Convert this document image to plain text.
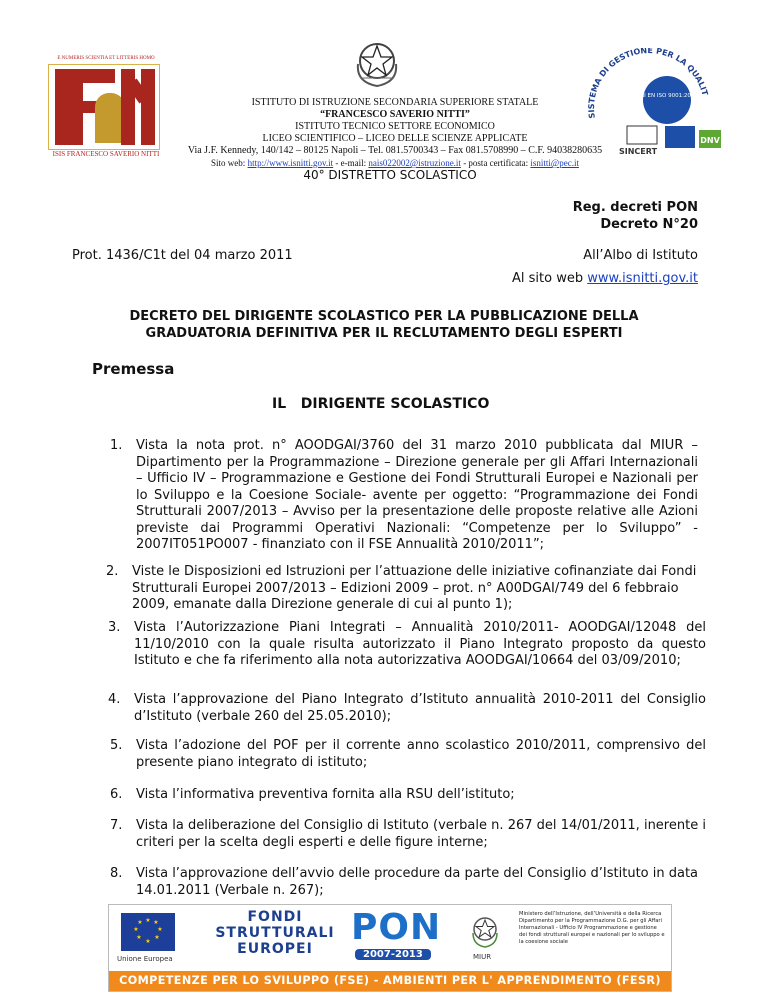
E NUMERIS SCIENTIA ET LITTERIS HOMO
ISIS FRANCESCO SAVERIO NITTI
ISTITUTO DI ISTRUZIONE SECONDARIA SUPERIORE STATALE
“FRANCESCO SAVERIO NITTI”
ISTITUTO TECNICO SETTORE ECONOMICO
LICEO SCIENTIFICO – LICEO DELLE SCIENZE APPLICATE
Via J.F. Kennedy, 140/142 – 80125 Napoli – Tel. 081.5700343 – Fax 081.5708990 – C.F. 94038280635
Sito web: http://www.isnitti.gov.it - e-mail: nais022002@istruzione.it - posta certificata: isnitti@pec.it
40° DISTRETTO SCOLASTICO
SISTEMA DI GESTIONE PER LA QUALIT
UNI EN ISO 9001:2008
SINCERT
DNV
Reg. decreti PON
Decreto N°20
Prot. 1436/C1t del 04 marzo 2011	All’Albo di Istituto
Al sito web www.isnitti.gov.it
DECRETO DEL DIRIGENTE SCOLASTICO PER LA PUBBLICAZIONE DELLA
GRADUATORIA DEFINITIVA PER IL RECLUTAMENTO DEGLI ESPERTI
Premessa
IL   DIRIGENTE SCOLASTICO

1. Vista la nota prot. n° AOODGAI/3760 del 31 marzo 2010 pubblicata dal MIUR – Dipartimento per la Programmazione – Direzione generale per gli Affari Internazionali – Ufficio IV – Programmazione e Gestione dei Fondi Strutturali Europei e Nazionali per lo Sviluppo e la Coesione Sociale- avente per oggetto: “Programmazione dei Fondi Strutturali 2007/2013 – Avviso per la presentazione delle proposte relative alle Azioni previste dai Programmi Operativi Nazionali: “Competenze per lo Sviluppo” - 2007IT051PO007 - finanziato con il FSE Annualità 2010/2011”;

2. Viste le Disposizioni ed Istruzioni per l’attuazione delle iniziative cofinanziate dai Fondi Strutturali Europei 2007/2013 – Edizioni 2009 – prot. n° A00DGAI/749 del 6 febbraio 2009, emanate dalla Direzione generale di cui al punto 1);

3. Vista l’Autorizzazione Piani Integrati – Annualità 2010/2011- AOODGAI/12048 del 11/10/2010 con la quale risulta autorizzato il Piano Integrato proposto da questo Istituto e che fa riferimento alla nota autorizzativa AOODGAI/10664 del 03/09/2010;

4. Vista l’approvazione del Piano Integrato d’Istituto annualità 2010-2011 del Consiglio d’Istituto (verbale 260 del 25.05.2010);

5. Vista l’adozione del POF per il corrente anno scolastico 2010/2011, comprensivo del presente piano integrato di istituto;

6. Vista l’informativa preventiva fornita alla RSU dell’istituto;

7. Vista la deliberazione del Consiglio di Istituto (verbale n. 267 del 14/01/2011, inerente i criteri per la scelta degli esperti e delle figure interne;

8. Vista l’approvazione dell’avvio delle procedure da parte del Consiglio d’Istituto in data 14.01.2011 (Verbale n. 267);

★ ★
★
★
★
★
★
★
Unione Europea
FONDI
STRUTTURALI
EUROPEI
PON
2007-2013	MIUR
Ministero dell’Istruzione, dell’Università e della Ricerca Dipartimento per la Programmazione D.G. per gli Affari Internazionali - Ufficio IV Programmazione e gestione dei fondi strutturali europei e nazionali per lo sviluppo e la coesione sociale
COMPETENZE PER LO SVILUPPO (FSE) - AMBIENTI PER L' APPRENDIMENTO (FESR)
